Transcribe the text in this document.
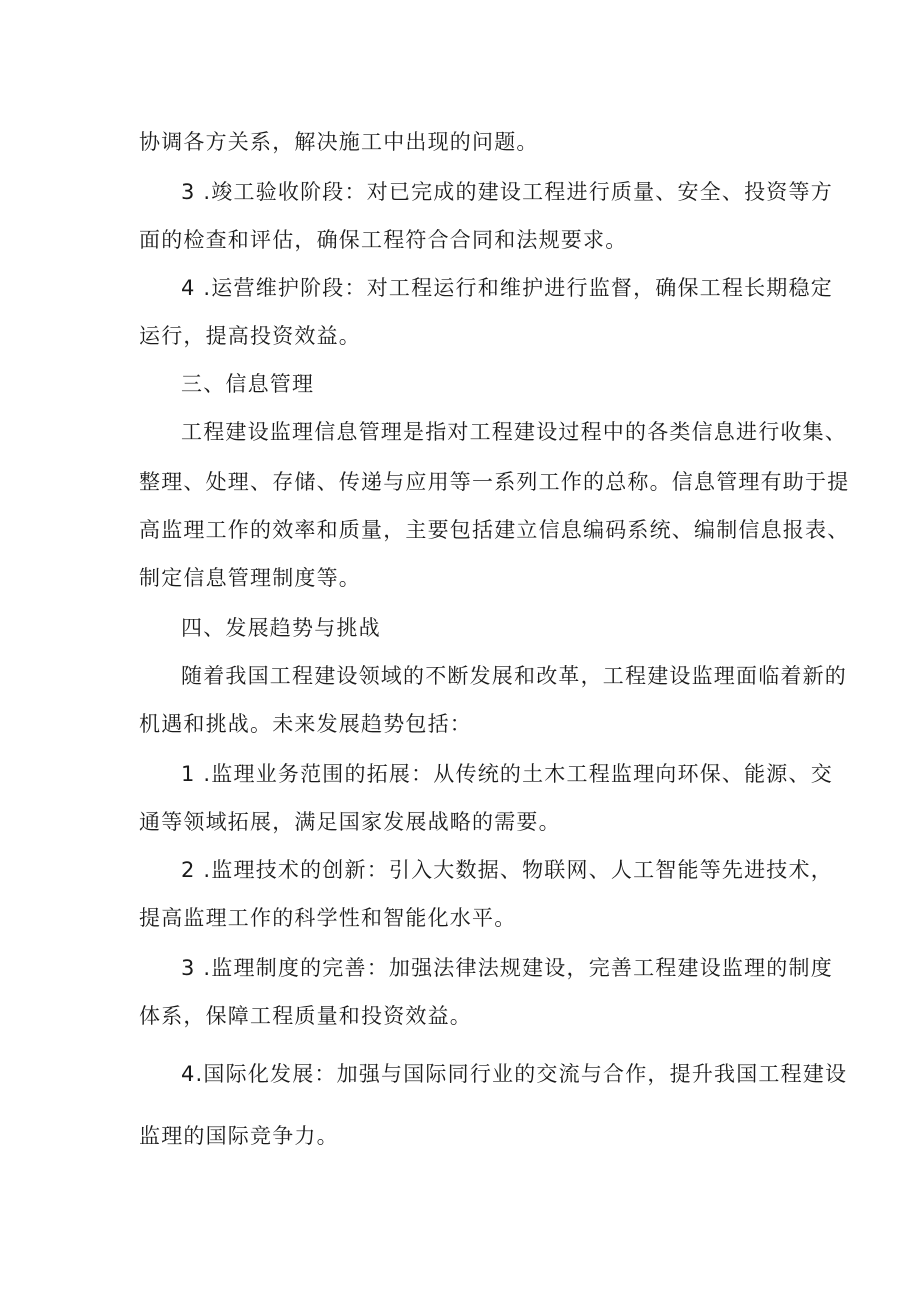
协调各方关系，解决施工中出现的问题。
3 .竣工验收阶段：对已完成的建设工程进行质量、安全、投资等方
面的检查和评估，确保工程符合合同和法规要求。
4 .运营维护阶段：对工程运行和维护进行监督，确保工程长期稳定
运行，提高投资效益。
三、信息管理
工程建设监理信息管理是指对工程建设过程中的各类信息进行收集、
整理、处理、存储、传递与应用等一系列工作的总称。信息管理有助于提
高监理工作的效率和质量，主要包括建立信息编码系统、编制信息报表、
制定信息管理制度等。
四、发展趋势与挑战
随着我国工程建设领域的不断发展和改革，工程建设监理面临着新的
机遇和挑战。未来发展趋势包括：
1 .监理业务范围的拓展：从传统的土木工程监理向环保、能源、交
通等领域拓展，满足国家发展战略的需要。
2 .监理技术的创新：引入大数据、物联网、人工智能等先进技术，
提高监理工作的科学性和智能化水平。
3 .监理制度的完善：加强法律法规建设，完善工程建设监理的制度
体系，保障工程质量和投资效益。
4.国际化发展：加强与国际同行业的交流与合作，提升我国工程建设
监理的国际竞争力。
